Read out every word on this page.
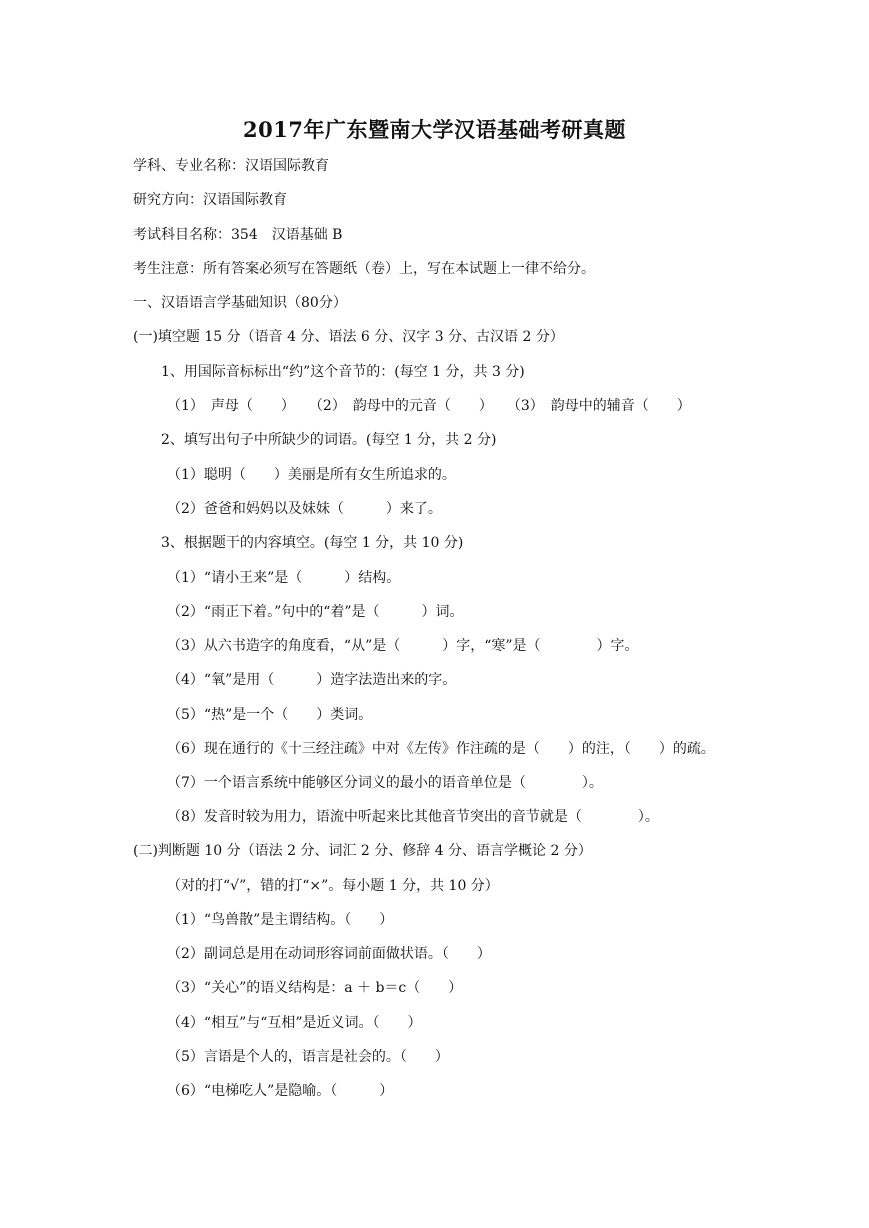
2017年广东暨南大学汉语基础考研真题
学科、专业名称：汉语国际教育
研究方向：汉语国际教育
考试科目名称：354　汉语基础 B
考生注意：所有答案必须写在答题纸（卷）上，写在本试题上一律不给分。
一、汉语语言学基础知识（80分）
(一)填空题 15 分（语音 4 分、语法 6 分、汉字 3 分、古汉语 2 分）
1、用国际音标标出“约”这个音节的：(每空 1 分，共 3 分)
（1）　声母（　　）　　（2）　韵母中的元音（　　）　　（3）　韵母中的辅音（　　）
2、填写出句子中所缺少的词语。(每空 1 分，共 2 分)
（1）聪明（　　）美丽是所有女生所追求的。
（2）爸爸和妈妈以及妹妹（　　　）来了。
3、根据题干的内容填空。(每空 1 分，共 10 分)
（1）“请小王来”是（　　　）结构。
（2）“雨正下着。”句中的“着”是（　　　）词。
（3）从六书造字的角度看，“从”是（　　　）字，“寒”是（　　　　）字。
（4）“氧”是用（　　　）造字法造出来的字。
（5）“热”是一个（　　）类词。
（6）现在通行的《十三经注疏》中对《左传》作注疏的是（　　）的注，（　　）的疏。
（7）一个语言系统中能够区分词义的最小的语音单位是（　　　　）。
（8）发音时较为用力，语流中听起来比其他音节突出的音节就是（　　　　）。
(二)判断题 10 分（语法 2 分、词汇 2 分、修辞 4 分、语言学概论 2 分）
（对的打“√”，错的打“×”。每小题 1 分，共 10 分）
（1）“鸟兽散”是主谓结构。（　　）
（2）副词总是用在动词形容词前面做状语。（　　）
（3）“关心”的语义结构是：a ＋ b＝c（　　）
（4）“相互”与“互相”是近义词。（　　）
（5）言语是个人的，语言是社会的。（　　）
（6）“电梯吃人”是隐喻。（　　　）
